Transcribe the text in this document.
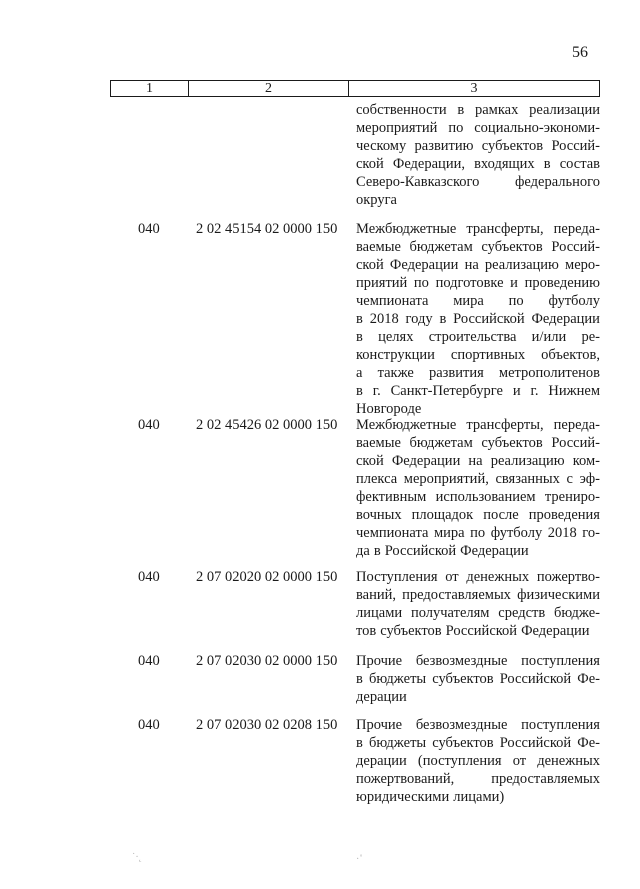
56
1	2	3
собственности в рамках реализации
мероприятий по социально-экономи-
ческому развитию субъектов Россий-
ской Федерации, входящих в состав
Северо-Кавказского федерального
округа
040	2 02 45154 02 0000 150 Межбюджетные трансферты, переда-
ваемые бюджетам субъектов Россий-
ской Федерации на реализацию меро-
приятий по подготовке и проведению
чемпионата мира по футболу
в 2018 году в Российской Федерации
в целях строительства и/или ре-
конструкции спортивных объектов,
а также развития метрополитенов
в г. Санкт-Петербурге и г. Нижнем
Новгороде
040	2 02 45426 02 0000 150 Межбюджетные трансферты, переда-
ваемые бюджетам субъектов Россий-
ской Федерации на реализацию ком-
плекса мероприятий, связанных с эф-
фективным использованием трениро-
вочных площадок после проведения
чемпионата мира по футболу 2018 го-
да в Российской Федерации
040	2 07 02020 02 0000 150 Поступления от денежных пожертво-
ваний, предоставляемых физическими
лицами получателям средств бюдже-
тов субъектов Российской Федерации
040	2 07 02030 02 0000 150 Прочие безвозмездные поступления
в бюджеты субъектов Российской Фе-
дерации
040	2 07 02030 02 0208 150 Прочие безвозмездные поступления
в бюджеты субъектов Российской Фе-
дерации (поступления от денежных
пожертвований,	предоставляемых
юридическими лицами)
˙·˛	·˚
